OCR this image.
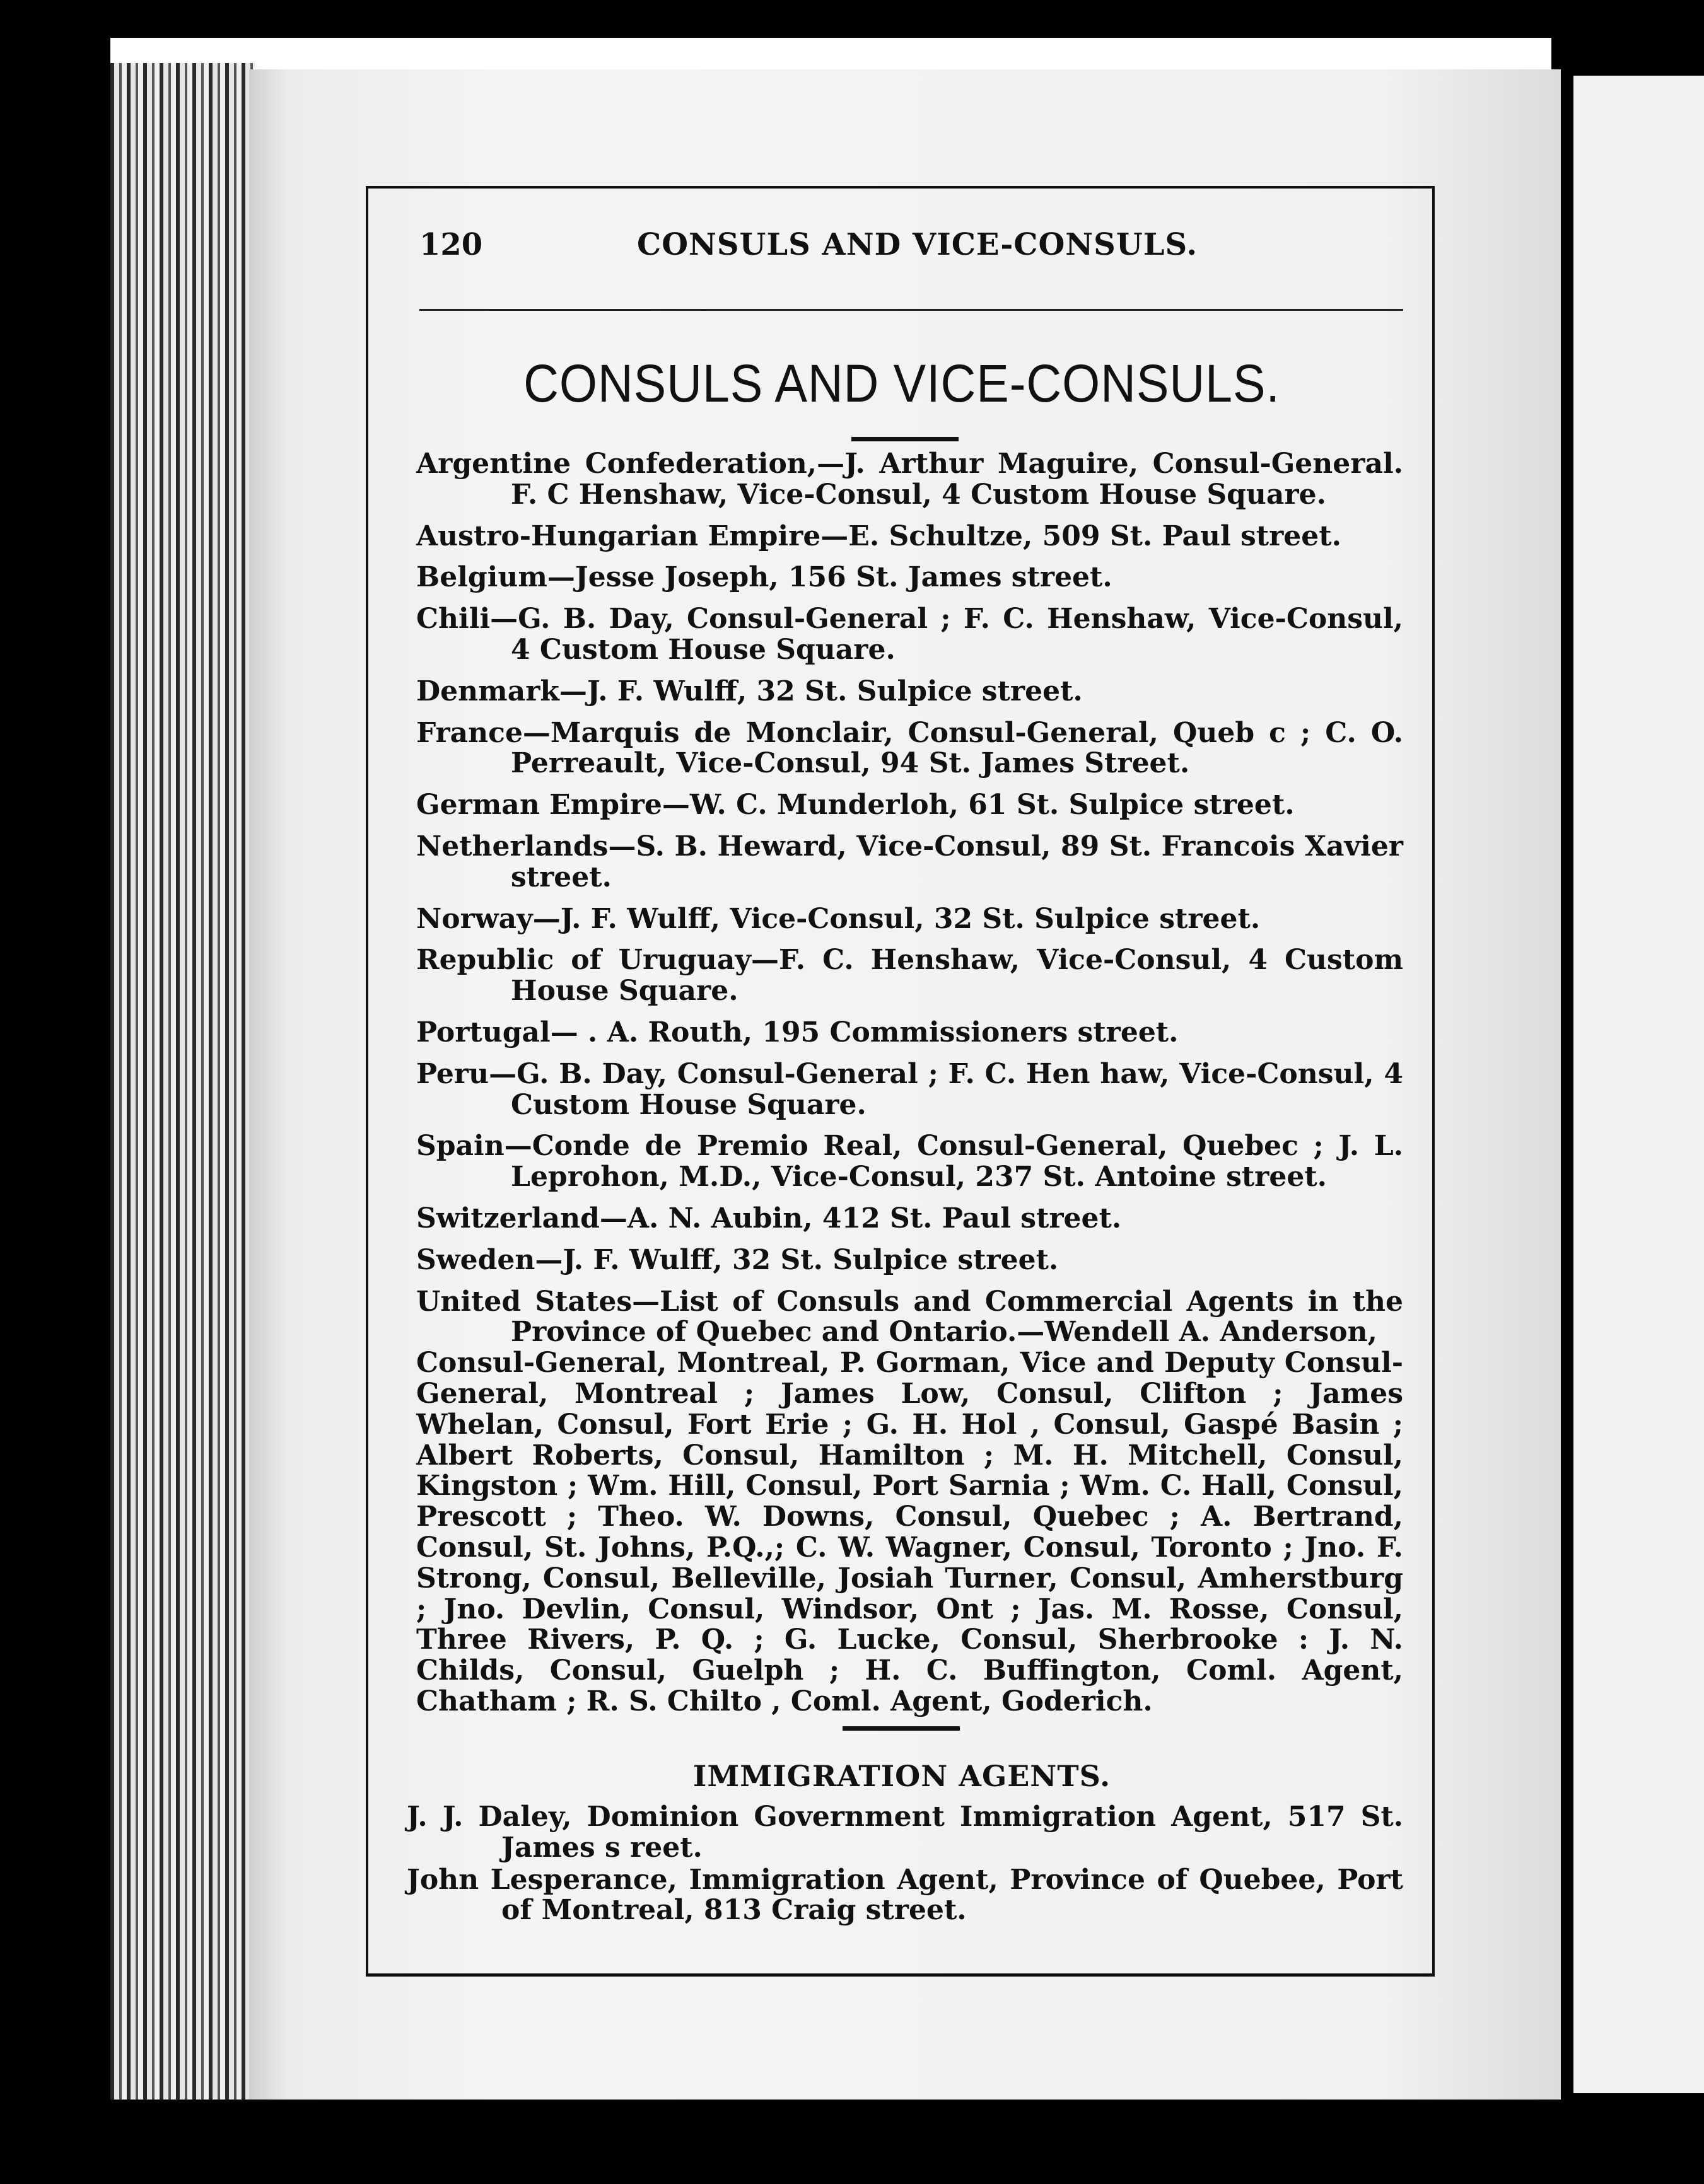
120	CONSULS AND VICE-CONSULS.
CONSULS AND VICE-CONSULS.
Argentine Confederation,—J. Arthur Maguire, Consul-General. F. C Henshaw, Vice-Consul, 4 Custom House Square.
Austro-Hungarian Empire—E. Schultze, 509 St. Paul street.
Belgium—Jesse Joseph, 156 St. James street.
Chili—G. B. Day, Consul-General ; F. C. Henshaw, Vice-Consul, 4 Custom House Square.
Denmark—J. F. Wulff, 32 St. Sulpice street.
France—Marquis de Monclair, Consul-General, Queb c ; C. O. Perreault, Vice-Consul, 94 St. James Street.
German Empire—W. C. Munderloh, 61 St. Sulpice street.
Netherlands—S. B. Heward, Vice-Consul, 89 St. Francois Xavier street.
Norway—J. F. Wulff, Vice-Consul, 32 St. Sulpice street.
Republic of Uruguay—F. C. Henshaw, Vice-Consul, 4 Custom House Square.
Portugal— . A. Routh, 195 Commissioners street.
Peru—G. B. Day, Consul-General ; F. C. Hen haw, Vice-Consul, 4 Custom House Square.
Spain—Conde de Premio Real, Consul-General, Quebec ; J. L. Leprohon, M.D., Vice-Consul, 237 St. Antoine street.
Switzerland—A. N. Aubin, 412 St. Paul street.
Sweden—J. F. Wulff, 32 St. Sulpice street.
United States—List of Consuls and Commercial Agents in the Province of Quebec and Ontario.—Wendell A. Anderson,
Consul-General, Montreal, P. Gorman, Vice and Deputy Consul-General, Montreal ; James Low, Consul, Clifton ; James Whelan, Consul, Fort Erie ; G. H. Hol , Consul, Gaspé Basin ; Albert Roberts, Consul, Hamilton ; M. H. Mitchell, Consul, Kingston ; Wm. Hill, Consul, Port Sarnia ; Wm. C. Hall, Consul, Prescott ; Theo. W. Downs, Consul, Quebec ; A. Bertrand, Consul, St. Johns, P.Q.,; C. W. Wagner, Consul, Toronto ; Jno. F. Strong, Consul, Belleville, Josiah Turner, Consul, Amherstburg ; Jno. Devlin, Consul, Windsor, Ont ; Jas. M. Rosse, Consul, Three Rivers, P. Q. ; G. Lucke, Consul, Sherbrooke : J. N. Childs, Consul, Guelph ; H. C. Buffington, Coml. Agent, Chatham ; R. S. Chilto , Coml. Agent, Goderich.
IMMIGRATION AGENTS.
J. J. Daley, Dominion Government Immigration Agent, 517 St. James s reet.
John Lesperance, Immigration Agent, Province of Quebee, Port of Montreal, 813 Craig street.
